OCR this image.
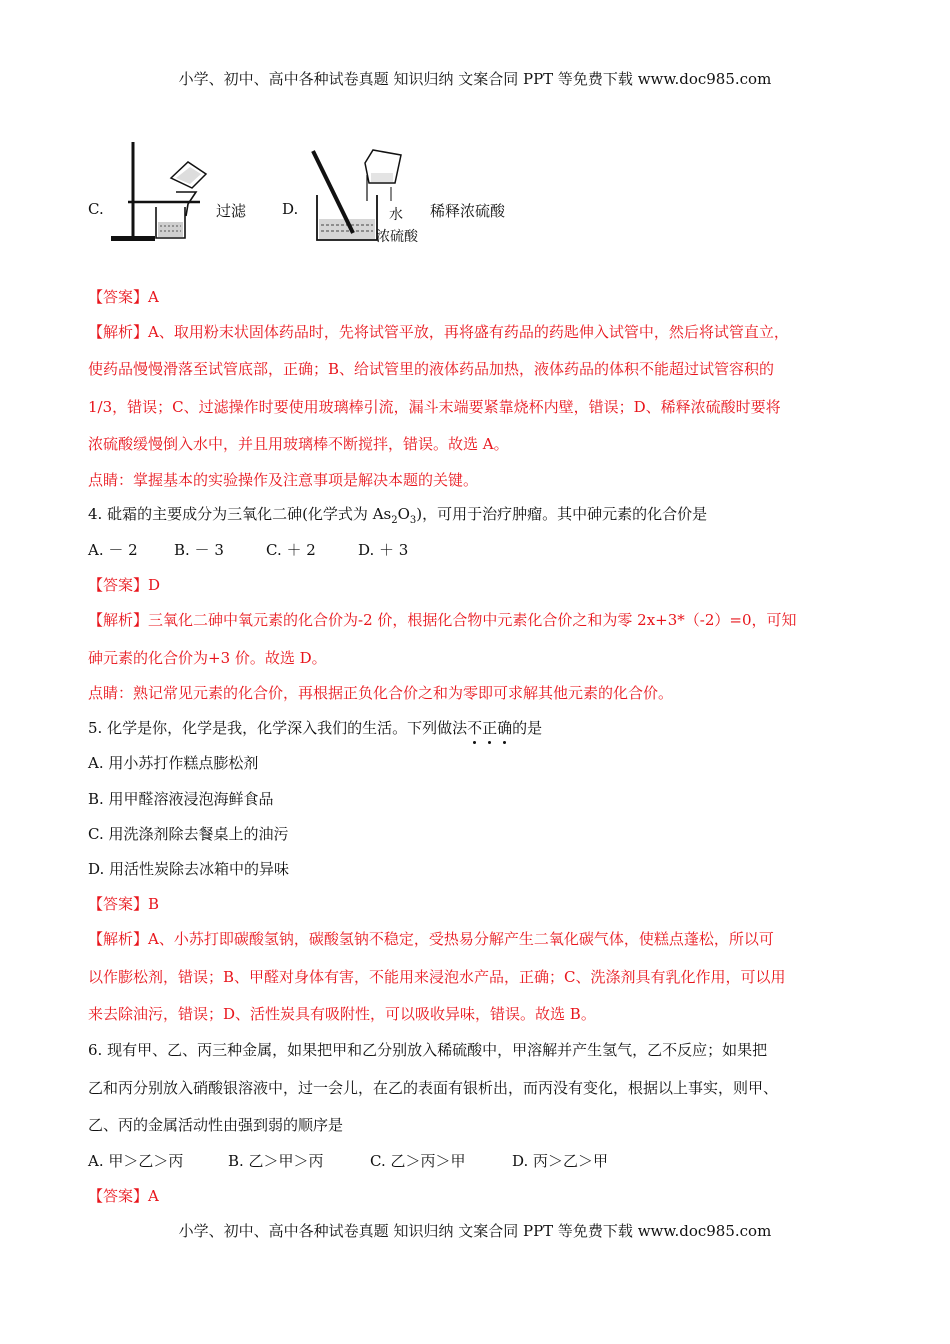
小学、初中、高中各种试卷真题 知识归纳 文案合同 PPT 等免费下载 www.doc985.com
C.	过滤 D.	水
浓硫酸
稀释浓硫酸
【答案】A
【解析】A、取用粉末状固体药品时，先将试管平放，再将盛有药品的药匙伸入试管中，然后将试管直立，
使药品慢慢滑落至试管底部，正确；B、给试管里的液体药品加热，液体药品的体积不能超过试管容积的
1/3，错误；C、过滤操作时要使用玻璃棒引流，漏斗末端要紧靠烧杯内壁，错误；D、稀释浓硫酸时要将
浓硫酸缓慢倒入水中，并且用玻璃棒不断搅拌，错误。故选 A。
点睛：掌握基本的实验操作及注意事项是解决本题的关键。
4. 砒霜的主要成分为三氧化二砷(化学式为 $As_2O_3$)，可用于治疗肿瘤。其中砷元素的化合价是
A. － 2 B. － 3	C. ＋ 2	D. ＋ 3
【答案】D
【解析】三氧化二砷中氧元素的化合价为-2 价，根据化合物中元素化合价之和为零 2x+3*（-2）=0，可知
砷元素的化合价为+3 价。故选 D。
点睛：熟记常见元素的化合价，再根据正负化合价之和为零即可求解其他元素的化合价。
5. 化学是你，化学是我，化学深入我们的生活。下列做法不
正
确
的是
A. 用小苏打作糕点膨松剂
B. 用甲醛溶液浸泡海鲜食品
C. 用洗涤剂除去餐桌上的油污
D. 用活性炭除去冰箱中的异味
【答案】B
【解析】A、小苏打即碳酸氢钠，碳酸氢钠不稳定，受热易分解产生二氧化碳气体，使糕点蓬松，所以可
以作膨松剂，错误；B、甲醛对身体有害，不能用来浸泡水产品，正确；C、洗涤剂具有乳化作用，可以用
来去除油污，错误；D、活性炭具有吸附性，可以吸收异味，错误。故选 B。
6. 现有甲、乙、丙三种金属，如果把甲和乙分别放入稀硫酸中，甲溶解并产生氢气，乙不反应；如果把
乙和丙分别放入硝酸银溶液中，过一会儿，在乙的表面有银析出，而丙没有变化，根据以上事实，则甲、
乙、丙的金属活动性由强到弱的顺序是
A. 甲＞乙＞丙	B. 乙＞甲＞丙	C. 乙＞丙＞甲	D. 丙＞乙＞甲
【答案】A
小学、初中、高中各种试卷真题 知识归纳 文案合同 PPT 等免费下载 www.doc985.com
